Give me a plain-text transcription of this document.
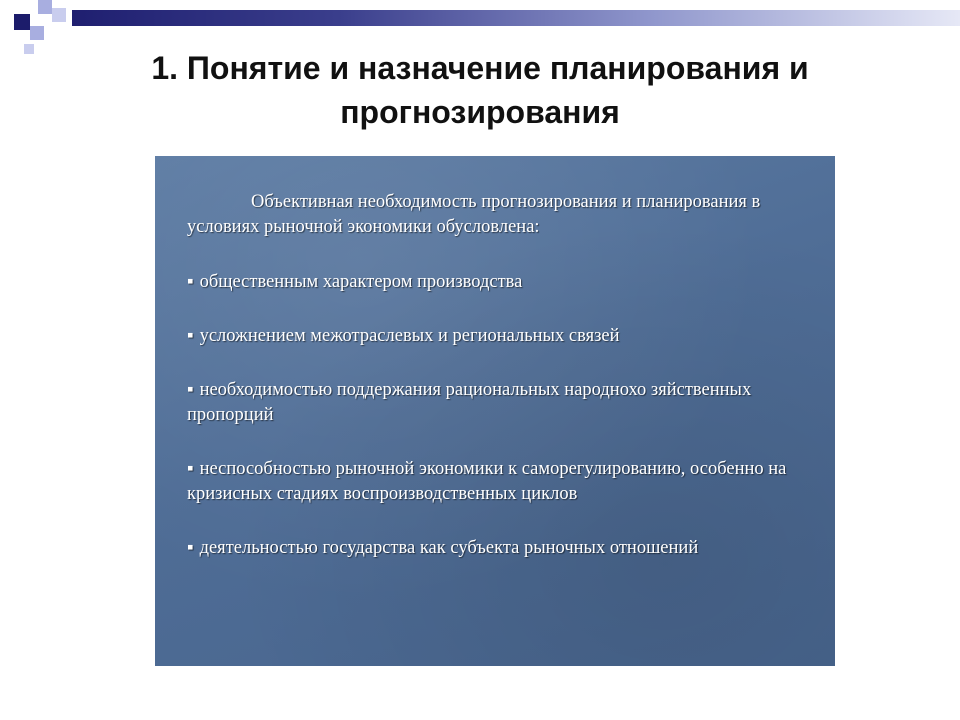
1. Понятие и назначение планирования и прогнозирования

Объективная необходимость прогнозирования и планирования в условиях рыночной экономики обусловлена:

▪ общественным характером производства
▪ усложнением межотраслевых и региональных связей
▪ необходимостью поддержания рациональных народнохо зяйственных пропорций
▪ неспособностью рыночной экономики к саморегулированию, особенно на кризисных стадиях воспроизводственных циклов
▪ деятельностью государства как субъекта рыночных отношений
